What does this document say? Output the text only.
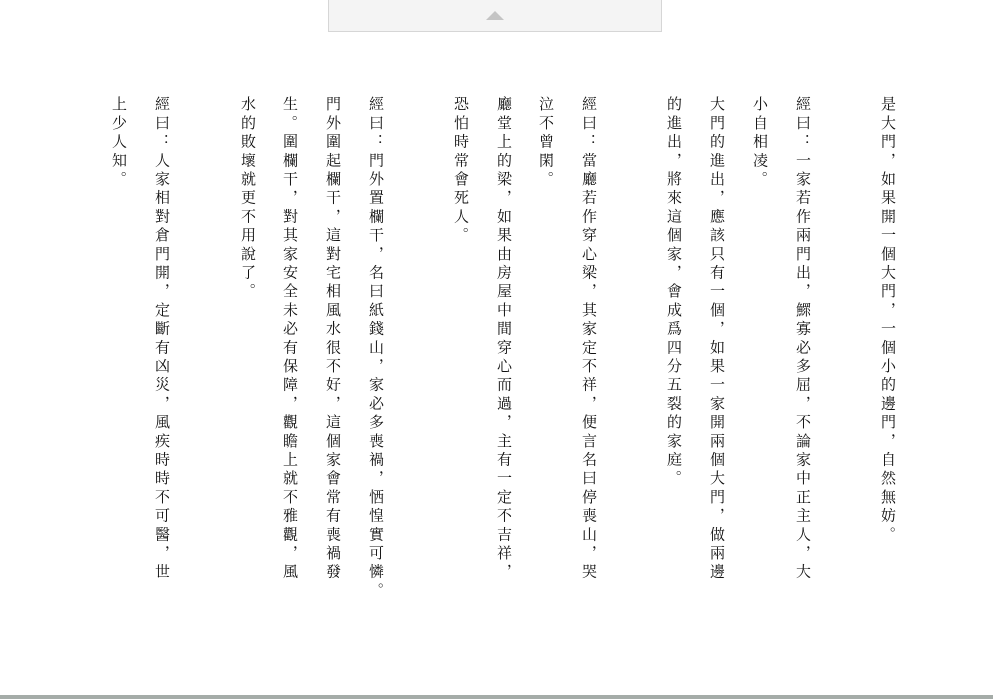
是大門，如果開一個大門，一個小的邊門，自然無妨。

經曰：一家若作兩門出，鰥寡必多屈，不論家中正主人，大

小自相凌。

大門的進出，應該只有一個，如果一家開兩個大門，做兩邊

的進出，將來這個家，會成爲四分五裂的家庭。

經曰：當廳若作穿心梁，其家定不祥，便言名曰停喪山，哭

泣不曾閑。

廳堂上的梁，如果由房屋中間穿心而過，主有一定不吉祥，

恐怕時常會死人。

經曰：門外置欄干，名曰紙錢山，家必多喪禍，恓惶實可憐。

門外圍起欄干，這對宅相風水很不好，這個家會常有喪禍發

生。圍欄干，對其家安全未必有保障，觀瞻上就不雅觀，風

水的敗壞就更不用說了。

經曰：人家相對倉門開，定斷有凶災，風疾時時不可醫，世

上少人知。
